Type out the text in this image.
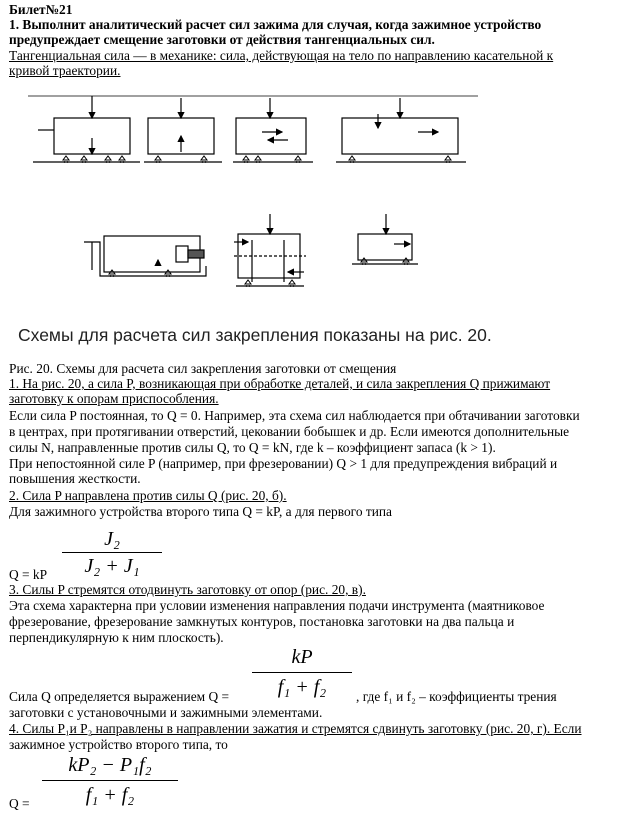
Билет№21
1. Выполнит аналитический расчет сил зажима для случая, когда зажимное устройство
предупреждает смещение заготовки от действия тангенциальных сил.
Тангенциальная сила — в механике: сила, действующая на тело по направлению касательной к
кривой траектории.
Схемы для расчета сил закрепления показаны на рис. 20.
Рис. 20. Схемы для расчета сил закрепления заготовки от смещения
1. На рис. 20, а сила P, возникающая при обработке деталей, и сила закрепления Q прижимают
заготовку к опорам приспособления.
Если сила P постоянная, то Q = 0. Например, эта схема сил наблюдается при обтачивании заготовки
в центрах, при протягивании отверстий, цековании бобышек и др. Если имеются дополнительные
силы N, направленные против силы Q, то Q = kN, где k – коэффициент запаса (k > 1).
При непостоянной силе P (например, при фрезеровании) Q > 1 для предупреждения вибраций и
повышения жесткости.
2. Сила P направлена против силы Q (рис. 20, б).
Для зажимного устройства второго типа Q = kP, а для первого типа
Q = kP
J₂
J₂ + J₁
3. Силы P стремятся отодвинуть заготовку от опор (рис. 20, в).
Эта схема характерна при условии изменения направления подачи инструмента (маятниковое
фрезерование, фрезерование замкнутых контуров, постановка заготовки на два пальца и
перпендикулярную к ним плоскость).
kP
f₁ + f₂
Сила Q определяется выражением Q =	, где f₁ и f₂ – коэффициенты трения
заготовки с установочными и зажимными элементами.
4. Силы P₁и P₂ направлены в направлении зажатия и стремятся сдвинуть заготовку (рис. 20, г). Если
зажимное устройство второго типа, то
Q =
kP₂ − P₁f₂
f₁ + f₂
